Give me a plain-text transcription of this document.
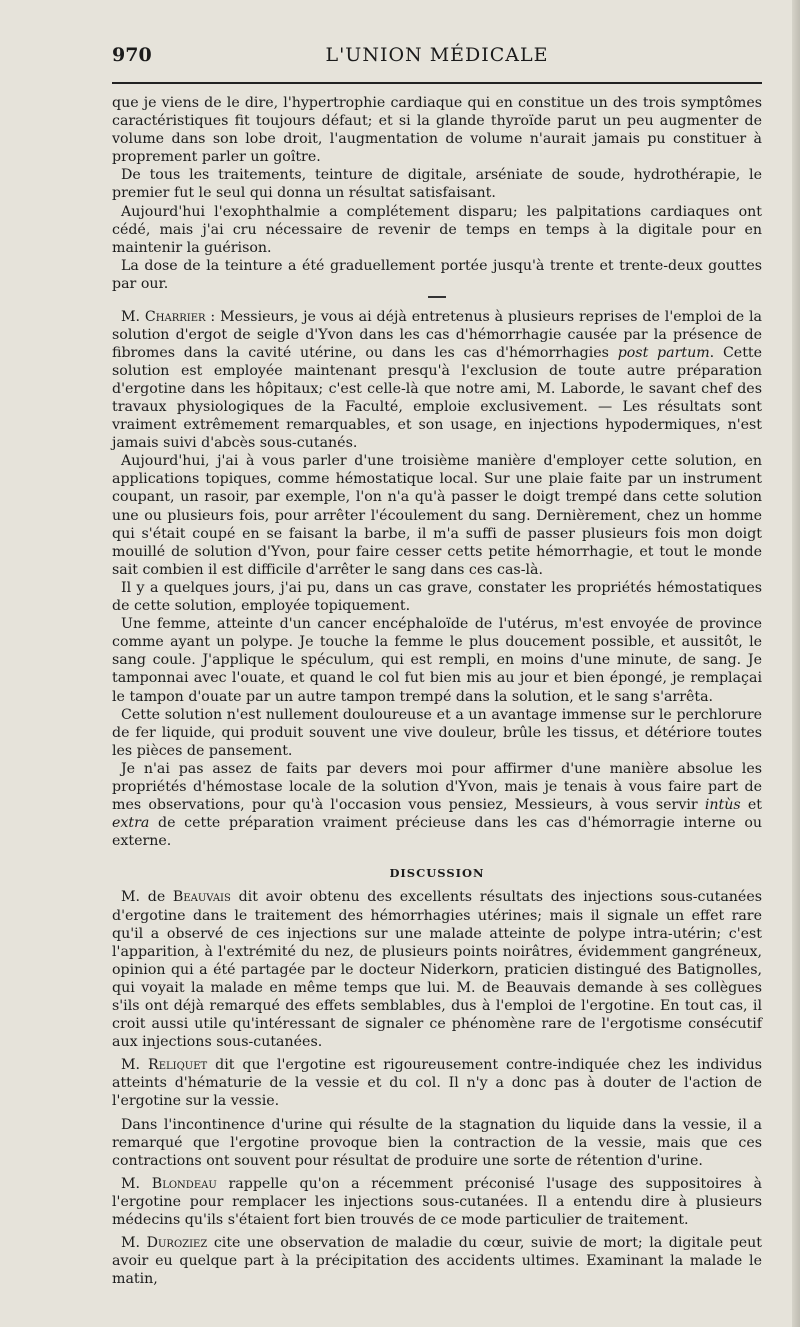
970	L'UNION MÉDICALE

que je viens de le dire, l'hypertrophie cardiaque qui en constitue un des trois symptômes caractéristiques fit toujours défaut; et si la glande thyroïde parut un peu augmenter de volume dans son lobe droit, l'augmentation de volume n'aurait jamais pu constituer à proprement parler un goître.

De tous les traitements, teinture de digitale, arséniate de soude, hydrothérapie, le premier fut le seul qui donna un résultat satisfaisant.

Aujourd'hui l'exophthalmie a complétement disparu; les palpitations cardiaques ont cédé, mais j'ai cru nécessaire de revenir de temps en temps à la digitale pour en maintenir la guérison.

La dose de la teinture a été graduellement portée jusqu'à trente et trente-deux gouttes par our.

M. Charrier : Messieurs, je vous ai déjà entretenus à plusieurs reprises de l'emploi de la solution d'ergot de seigle d'Yvon dans les cas d'hémorrhagie causée par la présence de fibromes dans la cavité utérine, ou dans les cas d'hémorrhagies post partum. Cette solution est employée maintenant presqu'à l'exclusion de toute autre préparation d'ergotine dans les hôpitaux; c'est celle-là que notre ami, M. Laborde, le savant chef des travaux physiologiques de la Faculté, emploie exclusivement. — Les résultats sont vraiment extrêmement remarquables, et son usage, en injections hypodermiques, n'est jamais suivi d'abcès sous-cutanés.

Aujourd'hui, j'ai à vous parler d'une troisième manière d'employer cette solution, en applications topiques, comme hémostatique local. Sur une plaie faite par un instrument coupant, un rasoir, par exemple, l'on n'a qu'à passer le doigt trempé dans cette solution une ou plusieurs fois, pour arrêter l'écoulement du sang. Dernièrement, chez un homme qui s'était coupé en se faisant la barbe, il m'a suffi de passer plusieurs fois mon doigt mouillé de solution d'Yvon, pour faire cesser cetts petite hémorrhagie, et tout le monde sait combien il est difficile d'arrêter le sang dans ces cas-là.

Il y a quelques jours, j'ai pu, dans un cas grave, constater les propriétés hémostatiques de cette solution, employée topiquement.

Une femme, atteinte d'un cancer encéphaloïde de l'utérus, m'est envoyée de province comme ayant un polype. Je touche la femme le plus doucement possible, et aussitôt, le sang coule. J'applique le spéculum, qui est rempli, en moins d'une minute, de sang. Je tamponnai avec l'ouate, et quand le col fut bien mis au jour et bien épongé, je remplaçai le tampon d'ouate par un autre tampon trempé dans la solution, et le sang s'arrêta.

Cette solution n'est nullement douloureuse et a un avantage immense sur le perchlorure de fer liquide, qui produit souvent une vive douleur, brûle les tissus, et détériore toutes les pièces de pansement.

Je n'ai pas assez de faits par devers moi pour affirmer d'une manière absolue les propriétés d'hémostase locale de la solution d'Yvon, mais je tenais à vous faire part de mes observations, pour qu'à l'occasion vous pensiez, Messieurs, à vous servir intùs et extra de cette préparation vraiment précieuse dans les cas d'hémorragie interne ou externe.

DISCUSSION

M. de Beauvais dit avoir obtenu des excellents résultats des injections sous-cutanées d'ergotine dans le traitement des hémorrhagies utérines; mais il signale un effet rare qu'il a observé de ces injections sur une malade atteinte de polype intra-utérin; c'est l'apparition, à l'extrémité du nez, de plusieurs points noirâtres, évidemment gangréneux, opinion qui a été partagée par le docteur Niderkorn, praticien distingué des Batignolles, qui voyait la malade en même temps que lui. M. de Beauvais demande à ses collègues s'ils ont déjà remarqué des effets semblables, dus à l'emploi de l'ergotine. En tout cas, il croit aussi utile qu'intéressant de signaler ce phénomène rare de l'ergotisme consécutif aux injections sous-cutanées.

M. Reliquet dit que l'ergotine est rigoureusement contre-indiquée chez les individus atteints d'hématurie de la vessie et du col. Il n'y a donc pas à douter de l'action de l'ergotine sur la vessie.

Dans l'incontinence d'urine qui résulte de la stagnation du liquide dans la vessie, il a remarqué que l'ergotine provoque bien la contraction de la vessie, mais que ces contractions ont souvent pour résultat de produire une sorte de rétention d'urine.

M. Blondeau rappelle qu'on a récemment préconisé l'usage des suppositoires à l'ergotine pour remplacer les injections sous-cutanées. Il a entendu dire à plusieurs médecins qu'ils s'étaient fort bien trouvés de ce mode particulier de traitement.

M. Duroziez cite une observation de maladie du cœur, suivie de mort; la digitale peut avoir eu quelque part à la précipitation des accidents ultimes. Examinant la malade le matin,
